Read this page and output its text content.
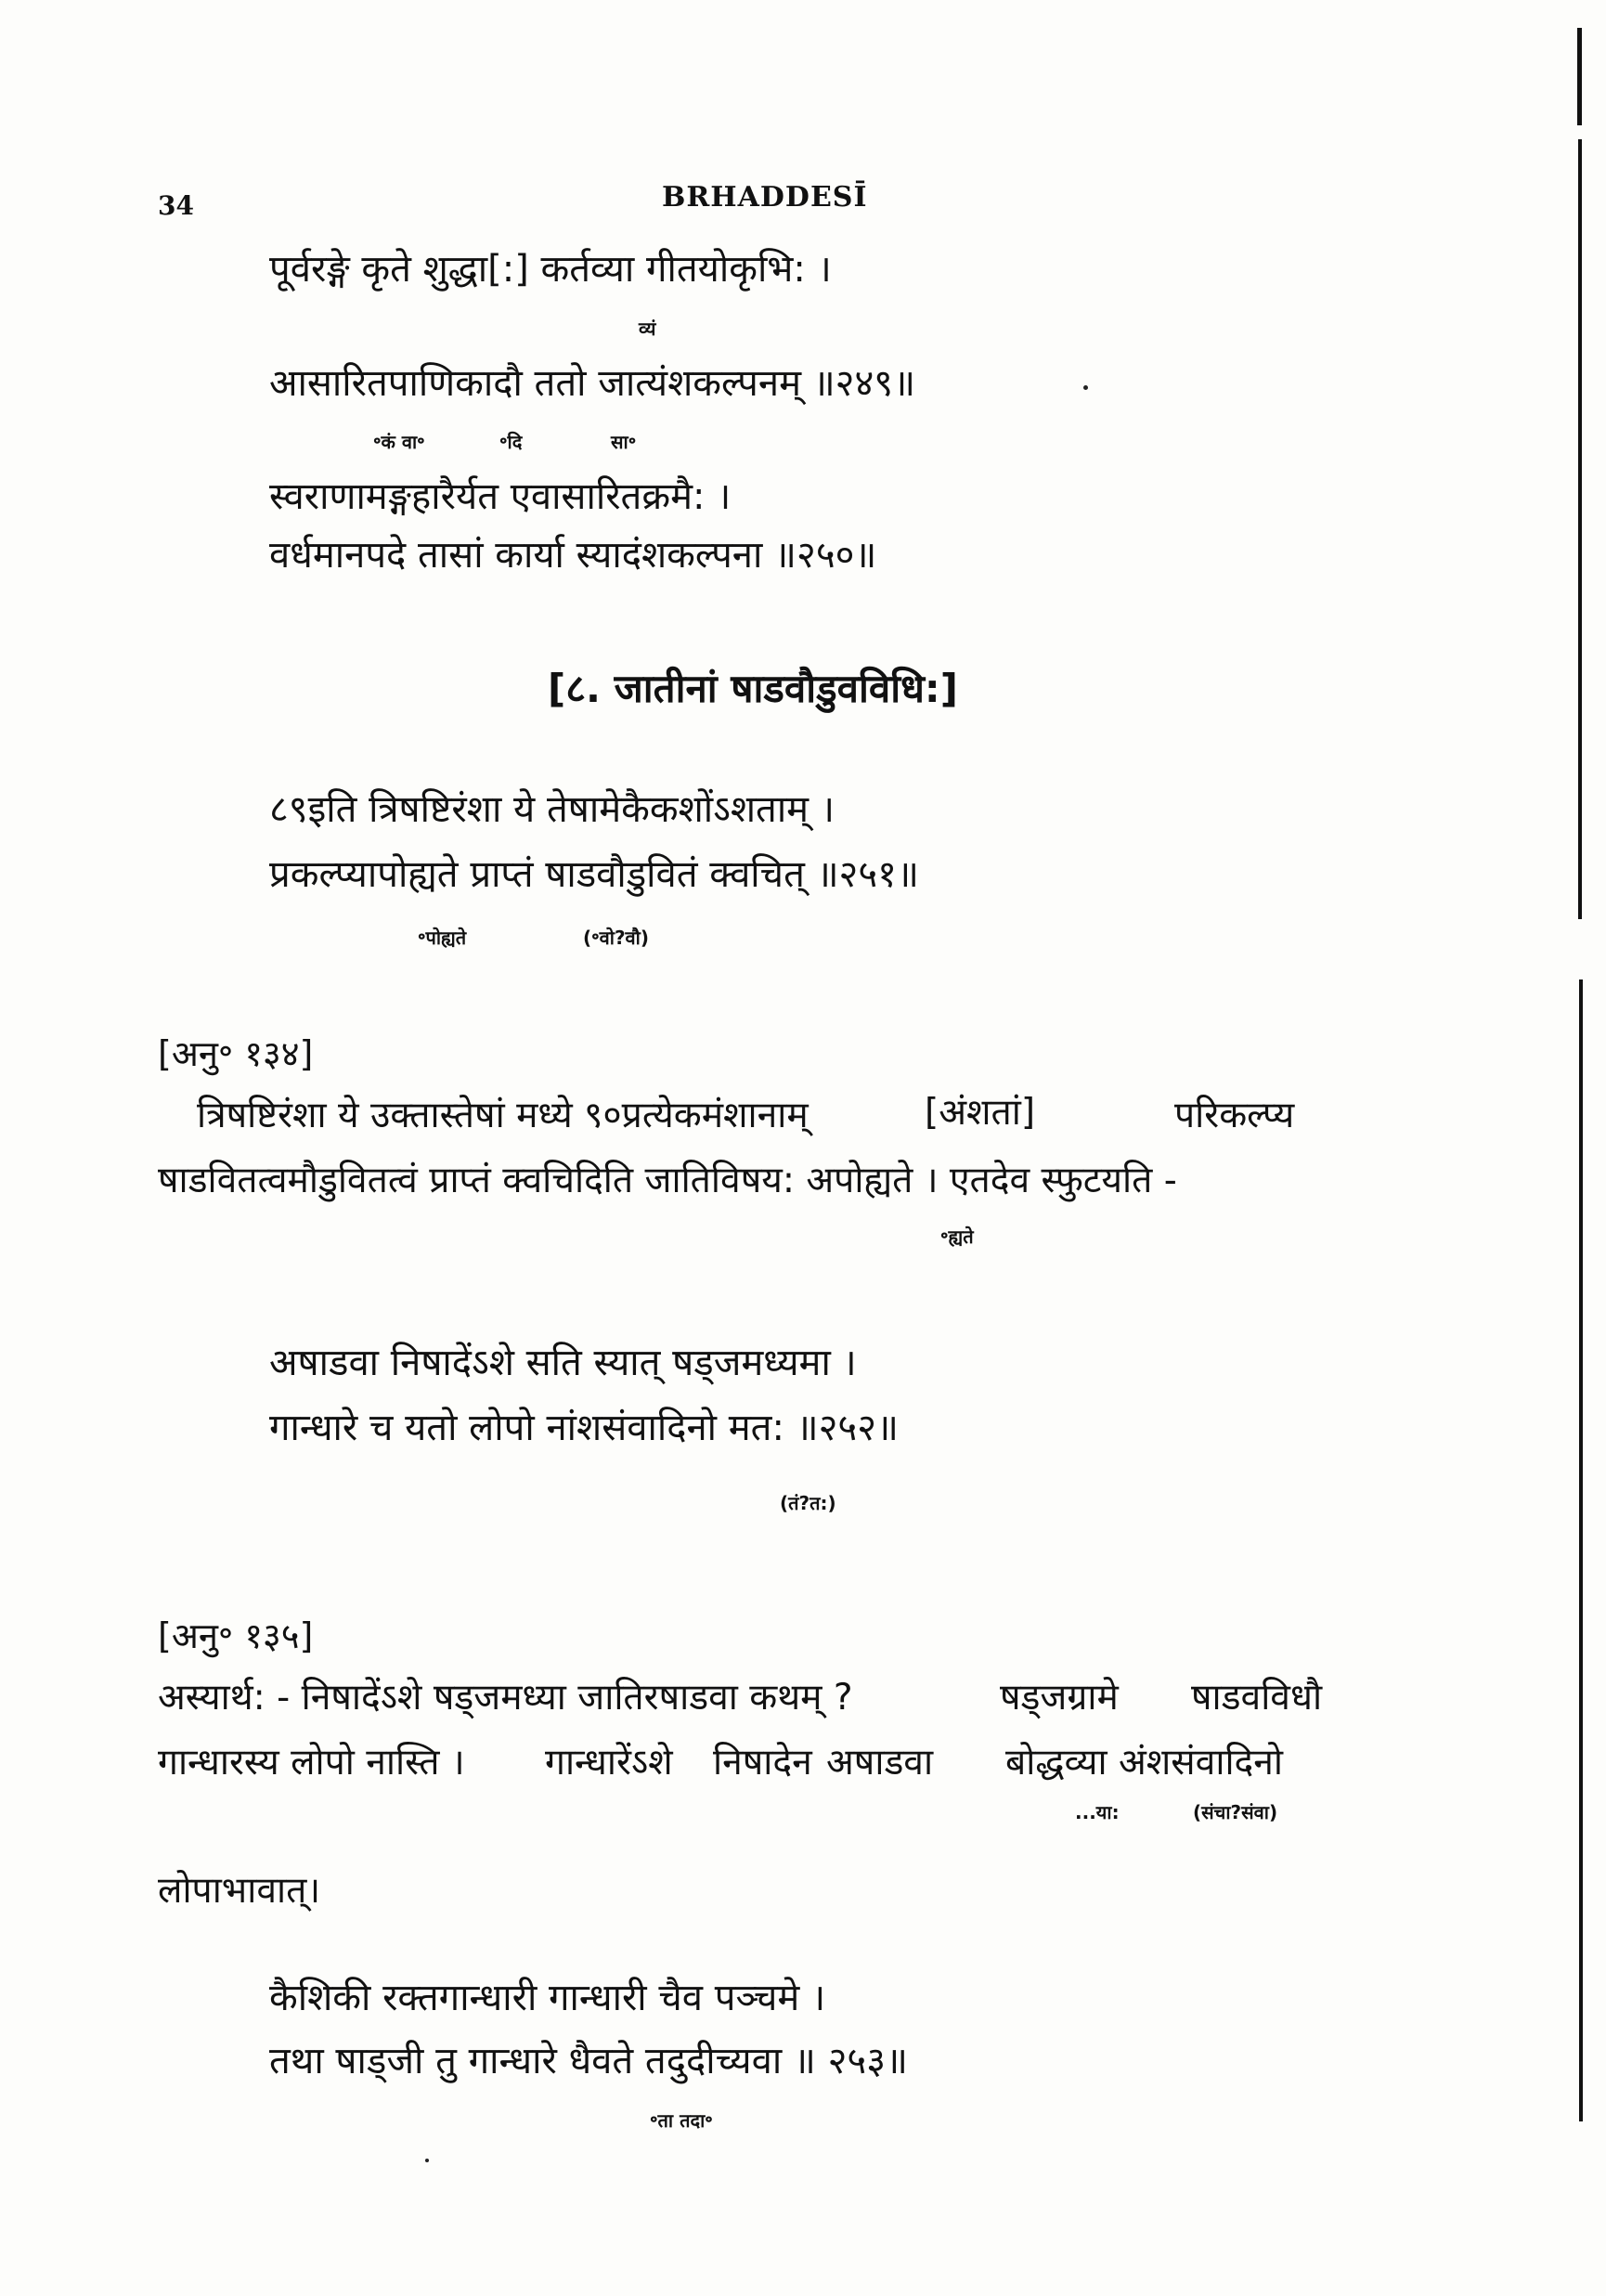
34	BRHADDESĪ
पूर्वरङ्गे कृते शुद्धा[:] कर्तव्या गीतयोकृभि: ।
व्यं
आसारितपाणिकादौ ततो जात्यंशकल्पनम् ॥२४९॥
॰कं वा॰	॰दि	सा॰
स्वराणामङ्गहारैर्यत एवासारितक्रमै: ।
वर्धमानपदे तासां कार्या स्यादंशकल्पना ॥२५०॥
[८. जातीनां षाडवौडुवविधि:]
८९इति त्रिषष्टिरंशा ये तेषामेकैकशोंऽशताम् ।
प्रकल्प्यापोह्यते प्राप्तं षाडवौडुवितं क्वचित् ॥२५१॥
॰पोह्यते	(॰वो?वौ)
[अनु॰ १३४]
त्रिषष्टिरंशा ये उक्तास्तेषां मध्ये ९०प्रत्येकमंशानाम्	[अंशतां]	परिकल्प्य
षाडवितत्वमौडुवितत्वं प्राप्तं क्वचिदिति जातिविषय: अपोह्यते । एतदेव स्फुटयति -
॰ह्यते
अषाडवा निषादेंऽशे सति स्यात् षड्जमध्यमा ।
गान्धारे च यतो लोपो नांशसंवादिनो मत: ॥२५२॥
(तं?त:)
[अनु॰ १३५]
अस्यार्थ: - निषादेंऽशे षड्जमध्या जातिरषाडवा कथम् ?	षड्जग्रामे षाडवविधौ
गान्धारस्य लोपो नास्ति । गान्धारेंऽशे निषादेन अषाडवा बोद्धव्या अंशसंवादिनो
...या:	(संचा?संवा)
लोपाभावात्।
कैशिकी रक्तगान्धारी गान्धारी चैव पञ्चमे ।
तथा षाड्जी तु गान्धारे धैवते तदुदीच्यवा ॥ २५३॥
॰ता तदा॰
